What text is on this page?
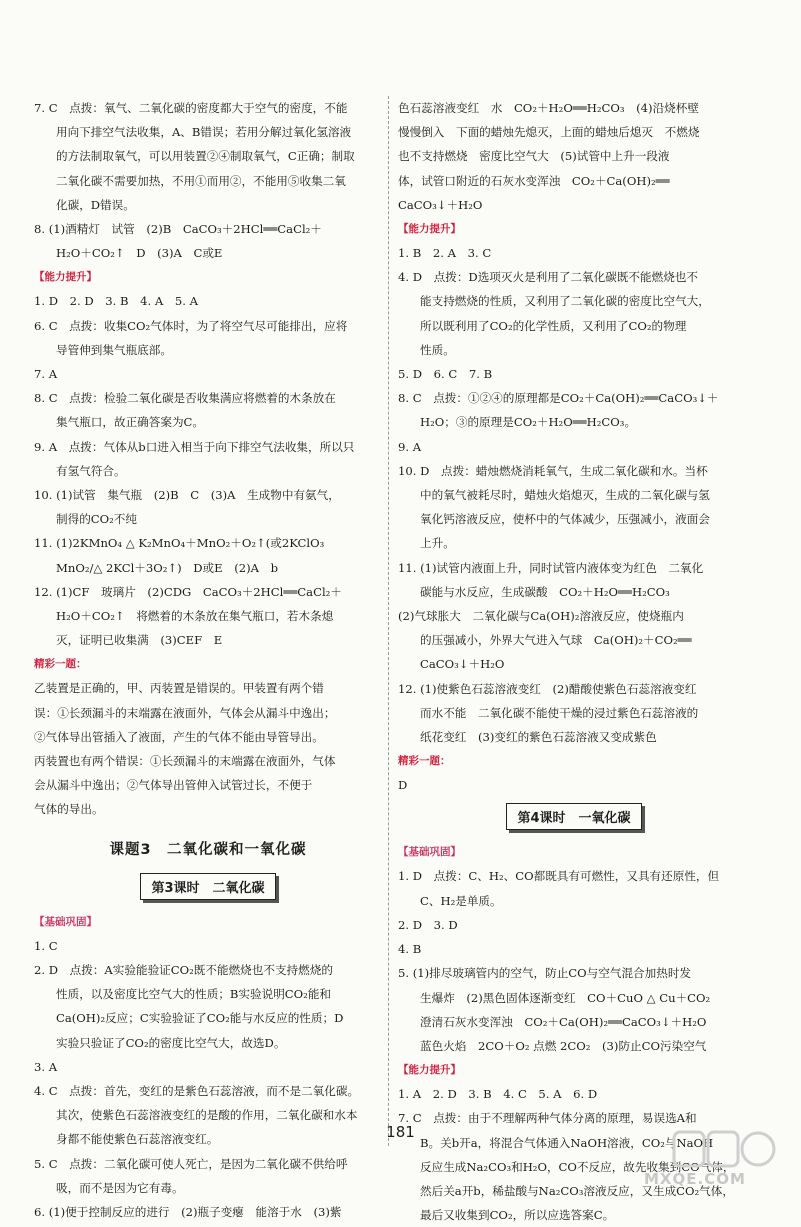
7. C　点拨：氧气、二氧化碳的密度都大于空气的密度，不能
用向下排空气法收集，A、B错误；若用分解过氧化氢溶液
的方法制取氧气，可以用装置②④制取氧气，C正确；制取
二氧化碳不需要加热，不用①而用②，不能用⑤收集二氧
化碳，D错误。
8. (1)酒精灯　试管　(2)B　CaCO₃＋2HCl══CaCl₂＋
H₂O＋CO₂↑　D　(3)A　C或E
【能力提升】
1. D　2. D　3. B　4. A　5. A
6. C　点拨：收集CO₂气体时，为了将空气尽可能排出，应将
导管伸到集气瓶底部。
7. A
8. C　点拨：检验二氧化碳是否收集满应将燃着的木条放在
集气瓶口，故正确答案为C。
9. A　点拨：气体从b口进入相当于向下排空气法收集，所以只
有氢气符合。
10. (1)试管　集气瓶　(2)B　C　(3)A　生成物中有氨气，
制得的CO₂不纯
11. (1)2KMnO₄ △ K₂MnO₄＋MnO₂＋O₂↑(或2KClO₃
MnO₂/△ 2KCl＋3O₂↑)　D或E　(2)A　b
12. (1)CF　玻璃片　(2)CDG　CaCO₃＋2HCl══CaCl₂＋
H₂O＋CO₂↑　将燃着的木条放在集气瓶口，若木条熄
灭，证明已收集满　(3)CEF　E
精彩一题：
乙装置是正确的，甲、丙装置是错误的。甲装置有两个错
误：①长颈漏斗的末端露在液面外，气体会从漏斗中逸出；
②气体导出管插入了液面，产生的气体不能由导管导出。
丙装置也有两个错误：①长颈漏斗的末端露在液面外，气体
会从漏斗中逸出；②气体导出管伸入试管过长，不便于
气体的导出。
课题3　二氧化碳和一氧化碳
第3课时　二氧化碳
【基础巩固】
1. C
2. D　点拨：A实验能验证CO₂既不能燃烧也不支持燃烧的
性质，以及密度比空气大的性质；B实验说明CO₂能和
Ca(OH)₂反应；C实验验证了CO₂能与水反应的性质；D
实验只验证了CO₂的密度比空气大，故选D。
3. A
4. C　点拨：首先，变红的是紫色石蕊溶液，而不是二氧化碳。
其次，使紫色石蕊溶液变红的是酸的作用，二氧化碳和水本
身都不能使紫色石蕊溶液变红。
5. C　点拨：二氧化碳可使人死亡，是因为二氧化碳不供给呼
吸，而不是因为它有毒。
6. (1)便于控制反应的进行　(2)瓶子变瘪　能溶于水　(3)紫
色石蕊溶液变红　水　CO₂＋H₂O══H₂CO₃　(4)沿烧杯壁
慢慢倒入　下面的蜡烛先熄灭，上面的蜡烛后熄灭　不燃烧
也不支持燃烧　密度比空气大　(5)试管中上升一段液
体，试管口附近的石灰水变浑浊　CO₂＋Ca(OH)₂══
CaCO₃↓＋H₂O
【能力提升】
1. B　2. A　3. C
4. D　点拨：D选项灭火是利用了二氧化碳既不能燃烧也不
能支持燃烧的性质，又利用了二氧化碳的密度比空气大，
所以既利用了CO₂的化学性质，又利用了CO₂的物理
性质。
5. D　6. C　7. B
8. C　点拨：①②④的原理都是CO₂＋Ca(OH)₂══CaCO₃↓＋
H₂O；③的原理是CO₂＋H₂O══H₂CO₃。
9. A
10. D　点拨：蜡烛燃烧消耗氧气，生成二氧化碳和水。当杯
中的氧气被耗尽时，蜡烛火焰熄灭，生成的二氧化碳与氢
氧化钙溶液反应，使杯中的气体减少，压强减小，液面会
上升。
11. (1)试管内液面上升，同时试管内液体变为红色　二氧化
碳能与水反应，生成碳酸　CO₂＋H₂O══H₂CO₃
(2)气球胀大　二氧化碳与Ca(OH)₂溶液反应，使烧瓶内
的压强减小，外界大气进入气球　Ca(OH)₂＋CO₂══
CaCO₃↓＋H₂O
12. (1)使紫色石蕊溶液变红　(2)醋酸使紫色石蕊溶液变红
而水不能　二氧化碳不能使干燥的浸过紫色石蕊溶液的
纸花变红　(3)变红的紫色石蕊溶液又变成紫色
精彩一题：
D
第4课时　一氧化碳
【基础巩固】
1. D　点拨：C、H₂、CO都既具有可燃性，又具有还原性，但
C、H₂是单质。
2. D　3. D
4. B
5. (1)排尽玻璃管内的空气，防止CO与空气混合加热时发
生爆炸　(2)黑色固体逐渐变红　CO＋CuO △ Cu＋CO₂
澄清石灰水变浑浊　CO₂＋Ca(OH)₂══CaCO₃↓＋H₂O
蓝色火焰　2CO＋O₂ 点燃 2CO₂　(3)防止CO污染空气
【能力提升】
1. A　2. D　3. B　4. C　5. A　6. D
7. C　点拨：由于不理解两种气体分离的原理，易误选A和
B。关b开a，将混合气体通入NaOH溶液，CO₂与NaOH
反应生成Na₂CO₃和H₂O，CO不反应，故先收集到CO气体，
然后关a开b，稀盐酸与Na₂CO₃溶液反应，又生成CO₂气体，
最后又收集到CO₂，所以应选答案C。
181
MXQE.COM
